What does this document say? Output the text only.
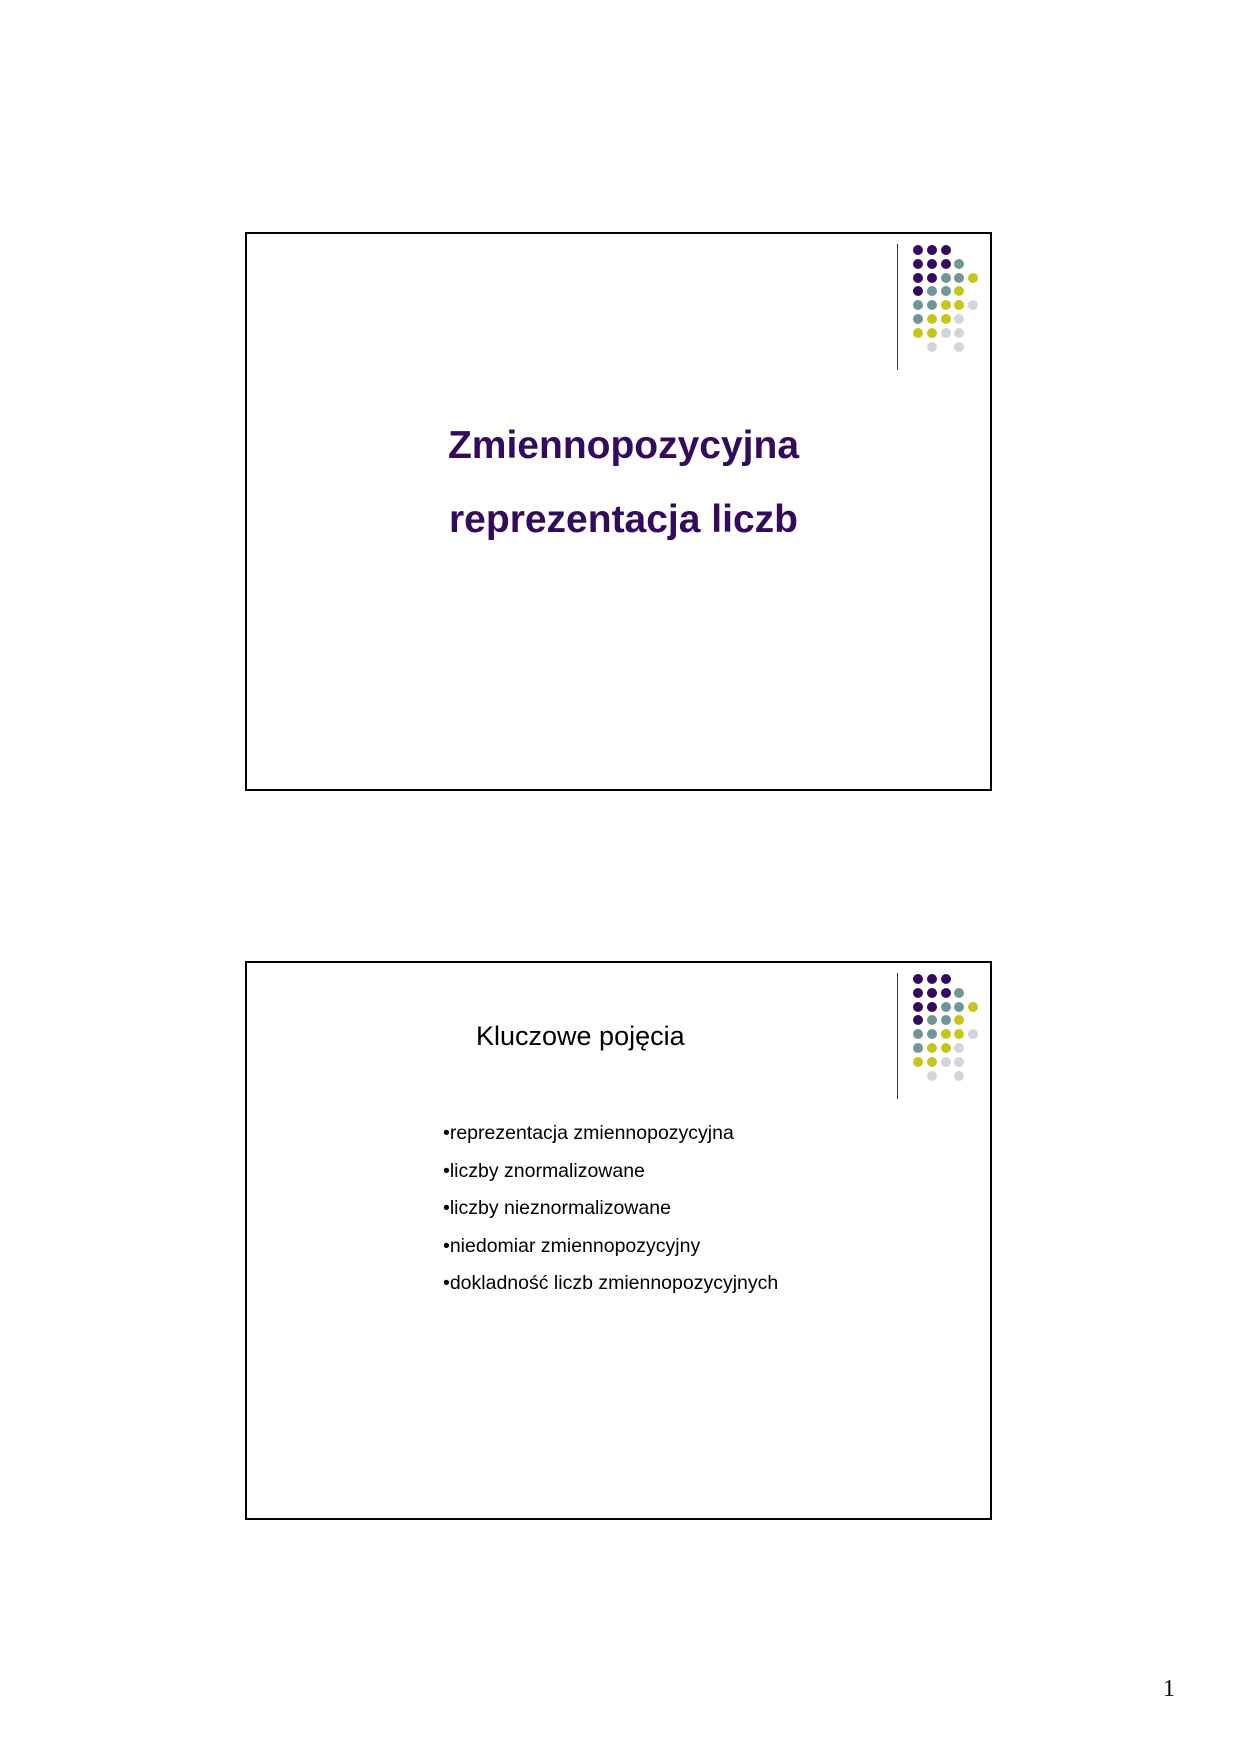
Zmiennopozycyjna
reprezentacja liczb
Kluczowe pojęcia
• reprezentacja zmiennopozycyjna
• liczby znormalizowane
• liczby nieznormalizowane
• niedomiar zmiennopozycyjny
• dokladność liczb zmiennopozycyjnych
1
